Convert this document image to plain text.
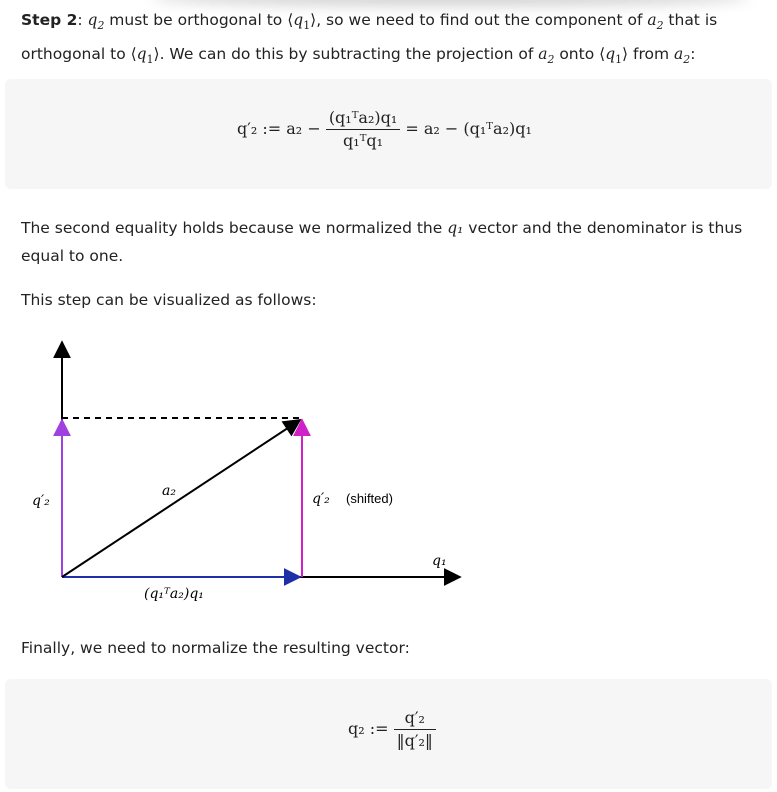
Step 2: $q_2$ must be orthogonal to $⟨q_1⟩$, so we need to find out the component of $a_2$ that is orthogonal to $⟨q_1⟩$. We can do this by subtracting the projection of $a_2$ onto $⟨q_1⟩$ from $a_2$:

q′₂ := $a_2 - \frac{\text{(q₁ᵀa₂)q₁}}{\text{q₁ᵀq₁}} = a_2$ − (q₁ᵀa₂)q₁

The second equality holds because we normalized the q₁ vector and the denominator is thus equal to one.

This step can be visualized as follows:

q′₂
a₂	q′₂ (shifted)
q₁
(q₁ᵀa₂)q₁

Finally, we need to normalize the resulting vector:

q₂ := $\frac{\text{q′₂}}{\text{‖q′₂‖}}$
